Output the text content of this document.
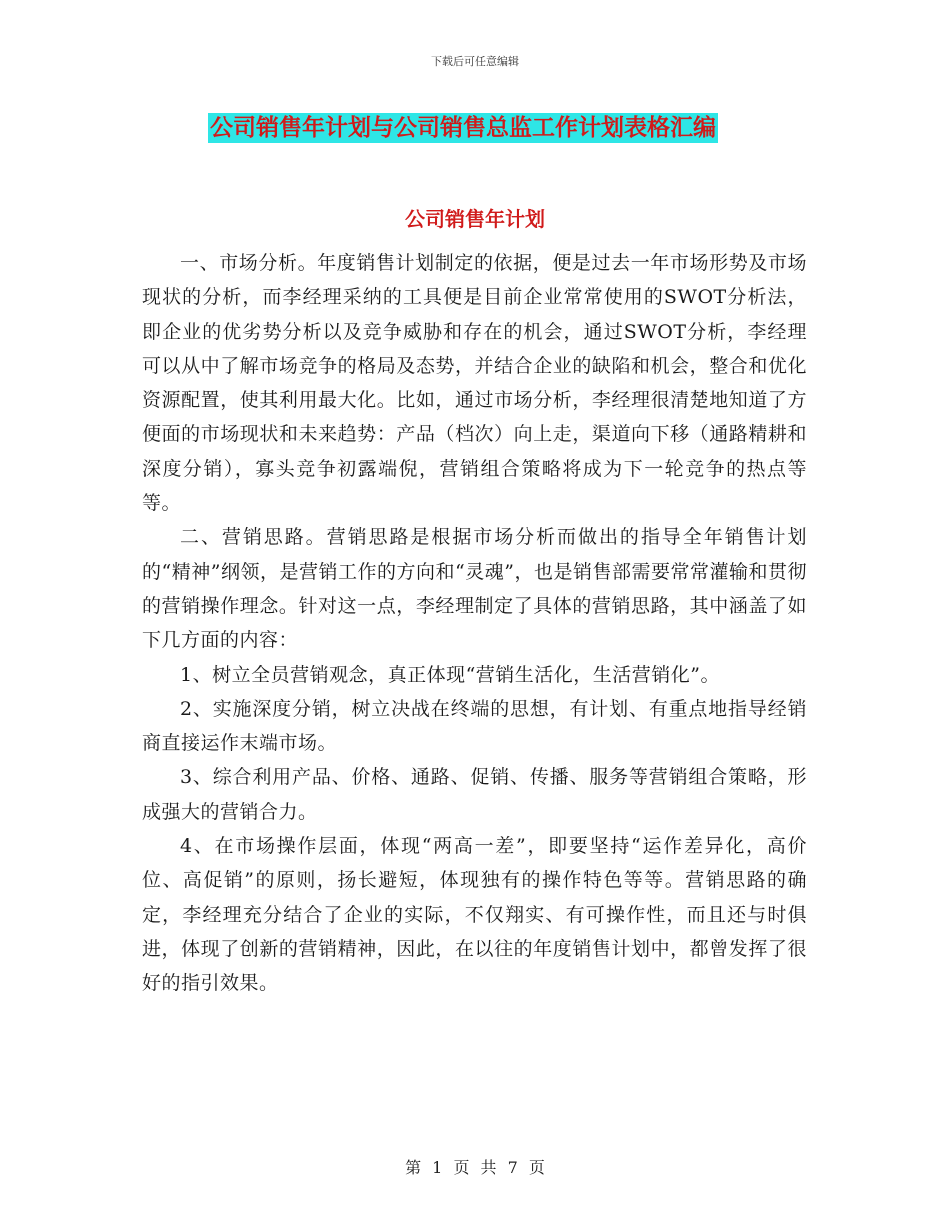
下载后可任意编辑
公司销售年计划与公司销售总监工作计划表格汇编
公司销售年计划

一、市场分析。年度销售计划制定的依据，便是过去一年市场形势及市场现状的分析，而李经理采纳的工具便是目前企业常常使用的SWOT分析法，即企业的优劣势分析以及竞争威胁和存在的机会，通过SWOT分析，李经理可以从中了解市场竞争的格局及态势，并结合企业的缺陷和机会，整合和优化资源配置，使其利用最大化。比如，通过市场分析，李经理很清楚地知道了方便面的市场现状和未来趋势：产品（档次）向上走，渠道向下移（通路精耕和深度分销），寡头竞争初露端倪，营销组合策略将成为下一轮竞争的热点等等。

二、营销思路。营销思路是根据市场分析而做出的指导全年销售计划的“精神”纲领，是营销工作的方向和“灵魂”，也是销售部需要常常灌输和贯彻的营销操作理念。针对这一点，李经理制定了具体的营销思路，其中涵盖了如下几方面的内容：

1、树立全员营销观念，真正体现“营销生活化，生活营销化”。

2、实施深度分销，树立决战在终端的思想，有计划、有重点地指导经销商直接运作末端市场。

3、综合利用产品、价格、通路、促销、传播、服务等营销组合策略，形成强大的营销合力。

4、在市场操作层面，体现“两高一差”，即要坚持“运作差异化，高价位、高促销”的原则，扬长避短，体现独有的操作特色等等。营销思路的确定，李经理充分结合了企业的实际，不仅翔实、有可操作性，而且还与时俱进，体现了创新的营销精神，因此，在以往的年度销售计划中，都曾发挥了很好的指引效果。

第 1 页 共 7 页
